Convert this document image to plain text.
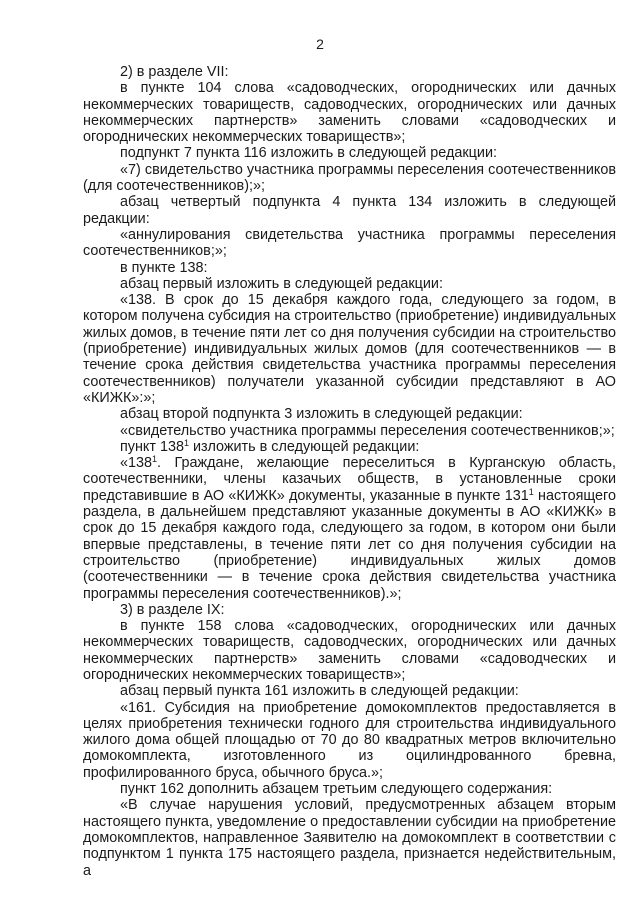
2

2) в разделе VII:

в пункте 104 слова «садоводческих, огороднических или дачных некоммерческих товариществ, садоводческих, огороднических или дачных некоммерческих партнерств» заменить словами «садоводческих и огороднических некоммерческих товариществ»;

подпункт 7 пункта 116 изложить в следующей редакции:

«7) свидетельство участника программы переселения соотечественников (для соотечественников);»;

абзац четвертый подпункта 4 пункта 134 изложить в следующей редакции:

«аннулирования свидетельства участника программы переселения соотечественников;»;

в пункте 138:

абзац первый изложить в следующей редакции:

«138. В срок до 15 декабря каждого года, следующего за годом, в котором получена субсидия на строительство (приобретение) индивидуальных жилых домов, в течение пяти лет со дня получения субсидии на строительство (приобретение) индивидуальных жилых домов (для соотечественников — в течение срока действия свидетельства участника программы переселения соотечественников) получатели указанной субсидии представляют в АО «КИЖК»:»;

абзац второй подпункта 3 изложить в следующей редакции:

«свидетельство участника программы переселения соотечественников;»;

пункт $138^1$ изложить в следующей редакции:

«$138^1$. Граждане, желающие переселиться в Курганскую область, соотечественники, члены казачьих обществ, в установленные сроки представившие в АО «КИЖК» документы, указанные в пункте $131^1$ настоящего раздела, в дальнейшем представляют указанные документы в АО «КИЖК» в срок до 15 декабря каждого года, следующего за годом, в котором они были впервые представлены, в течение пяти лет со дня получения субсидии на строительство (приобретение) индивидуальных жилых домов (соотечественники — в течение срока действия свидетельства участника программы переселения соотечественников).»;

3) в разделе IX:

в пункте 158 слова «садоводческих, огороднических или дачных некоммерческих товариществ, садоводческих, огороднических или дачных некоммерческих партнерств» заменить словами «садоводческих и огороднических некоммерческих товариществ»;

абзац первый пункта 161 изложить в следующей редакции:

«161. Субсидия на приобретение домокомплектов предоставляется в целях приобретения технически годного для строительства индивидуального жилого дома общей площадью от 70 до 80 квадратных метров включительно домокомплекта, изготовленного из оцилиндрованного бревна, профилированного бруса, обычного бруса.»;

пункт 162 дополнить абзацем третьим следующего содержания:

«В случае нарушения условий, предусмотренных абзацем вторым настоящего пункта, уведомление о предоставлении субсидии на приобретение домокомплектов, направленное Заявителю на домокомплект в соответствии с подпунктом 1 пункта 175 настоящего раздела, признается недействительным, а
